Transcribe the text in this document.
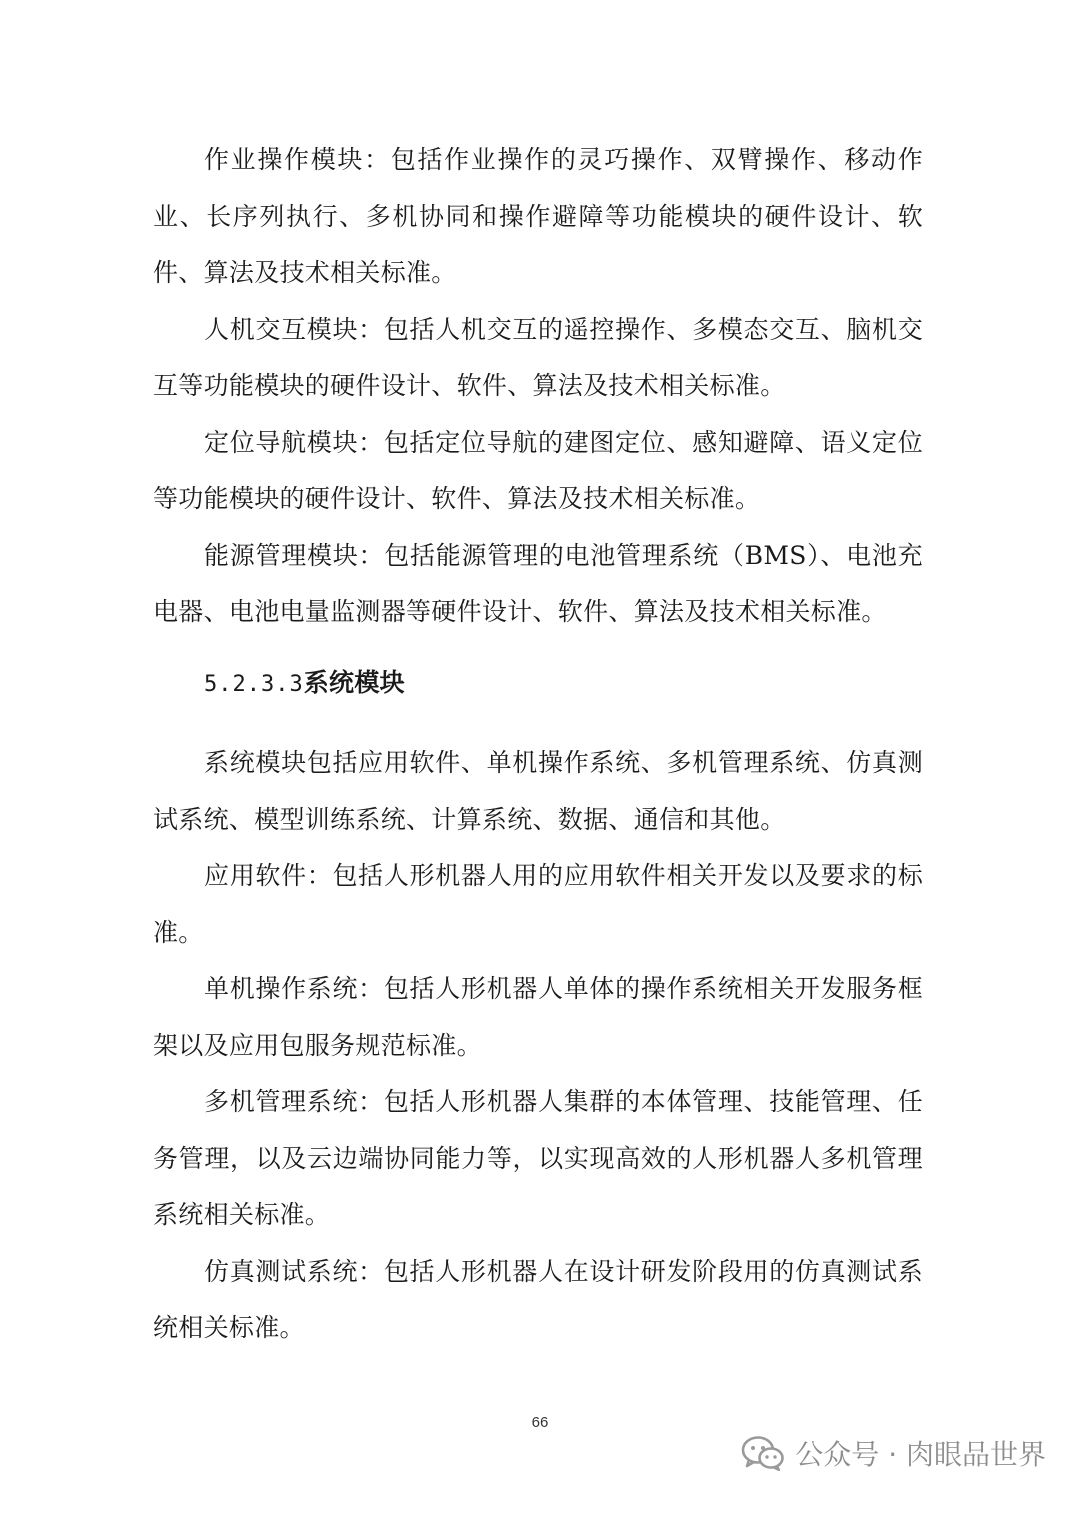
作业操作模块：包括作业操作的灵巧操作、双臂操作、移动作业、长序列执行、多机协同和操作避障等功能模块的硬件设计、软件、算法及技术相关标准。

人机交互模块：包括人机交互的遥控操作、多模态交互、脑机交互等功能模块的硬件设计、软件、算法及技术相关标准。

定位导航模块：包括定位导航的建图定位、感知避障、语义定位等功能模块的硬件设计、软件、算法及技术相关标准。

能源管理模块：包括能源管理的电池管理系统（BMS）、电池充电器、电池电量监测器等硬件设计、软件、算法及技术相关标准。

5.2.3.3系统模块

系统模块包括应用软件、单机操作系统、多机管理系统、仿真测试系统、模型训练系统、计算系统、数据、通信和其他。

应用软件：包括人形机器人用的应用软件相关开发以及要求的标准。

单机操作系统：包括人形机器人单体的操作系统相关开发服务框架以及应用包服务规范标准。

多机管理系统：包括人形机器人集群的本体管理、技能管理、任务管理，以及云边端协同能力等，以实现高效的人形机器人多机管理系统相关标准。

仿真测试系统：包括人形机器人在设计研发阶段用的仿真测试系统相关标准。

66
公众号 · 肉眼品世界
